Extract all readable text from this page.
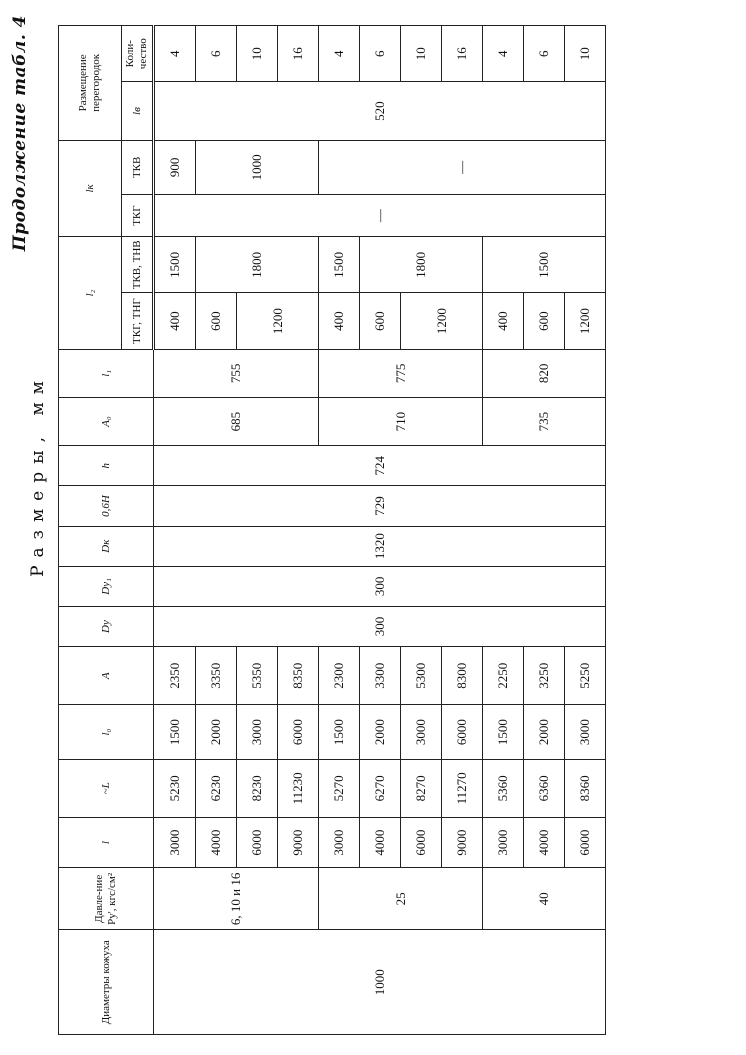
Продолжение табл. 4
Размеры, мм
Диаметры кожуха	Давле-ние Pу', кгс/см²	l	~L	l₀	A	Dу	Dу₁	Dк	0,6H	h	A₀	l₁	l₂		lк		Размещение перегородок	
													ТКГ, ТНГ	ТКВ, ТНВ	ТКГ	ТКВ	lв	Коли-чество
1000	6, 10 и 16	3000	5230	1500	2350	300	300	1320	729	724	685	755	400	1500	—	900	520	4
		4000	6230	2000	3350								600	1800		1000		6
		6000	8230	3000	5350								1200					10
		9000	11230	6000	8350													16
	25	3000	5270	1500	2300						710	775	400	1500		—		4
		4000	6270	2000	3300								600	1800				6
		6000	8270	3000	5300								1200					10
		9000	11270	6000	8300													16
	40	3000	5360	1500	2250						735	820	400	1500				4
		4000	6360	2000	3250								600					6
		6000	8360	3000	5250								1200					10
